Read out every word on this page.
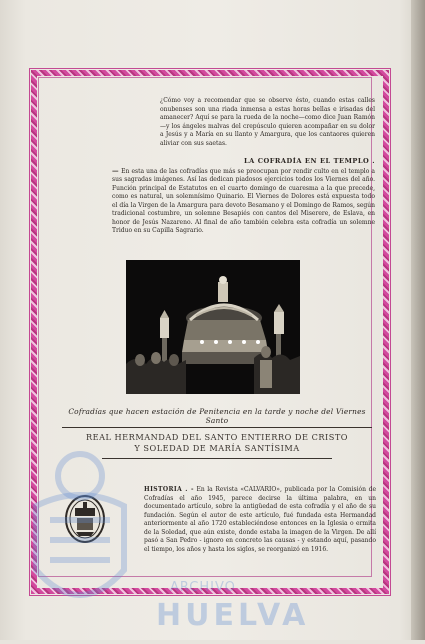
¿Cómo voy a recomendar que se observe ésto, cuando estas calles onubenses son una riada inmensa a estas horas bellas e irisadas del amanecer? Aquí se para la rueda de la noche—como dice Juan Ramón—y los ángeles malvas del crepúsculo quieren acompañar en su dolor a Jesús y a María en su llanto y Amargura, que los cantaores quieren aliviar con sus saetas.

LA COFRADÍA EN EL TEMPLO . — En esta una de las cofradías que más se preocupan por rendir culto en el templo a sus sagradas imágenes. Así las dedican piadosos ejercicios todos los Viernes del año. Función principal de Estatutos en el cuarto domingo de cuaresma a la que precede, como es natural, un solemnísimo Quinario. El Viernes de Dolores está expuesta todo el día la Virgen de la Amargura para devoto Besamano y el Domingo de Ramos, según tradicional costumbre, un solemne Besapiés con cantos del Miserere, de Eslava, en honor de Jesús Nazareno. Al final de año también celebra esta cofradía un solemne Triduo en su Capilla Sagrario.

Cofradías que hacen estación de Penitencia en la tarde y noche del Viernes Santo
REAL HERMANDAD DEL SANTO ENTIERRO DE CRISTO
Y SOLEDAD DE MARÍA SANTÍSIMA

HISTORIA . - En la Revista «CALVARIO», publicada por la Comisión de Cofradías el año 1945, parece decirse la última palabra, en un documentado artículo, sobre la antigüedad de esta cofradía y el año de su fundación. Según el autor de este artículo, fué fundada esta Hermandad anteriormente al año 1720 estableciéndose entonces en la Iglesia o ermita de la Soledad, que aún existe, donde estaba la imagen de la Virgen. De allí pasó a San Pedro - ignoro en concreto las causas - y estando aquí, pasando el tiempo, los años y hasta los siglos, se reorganizó en 1916.

ARCHIVO
HUELVA
